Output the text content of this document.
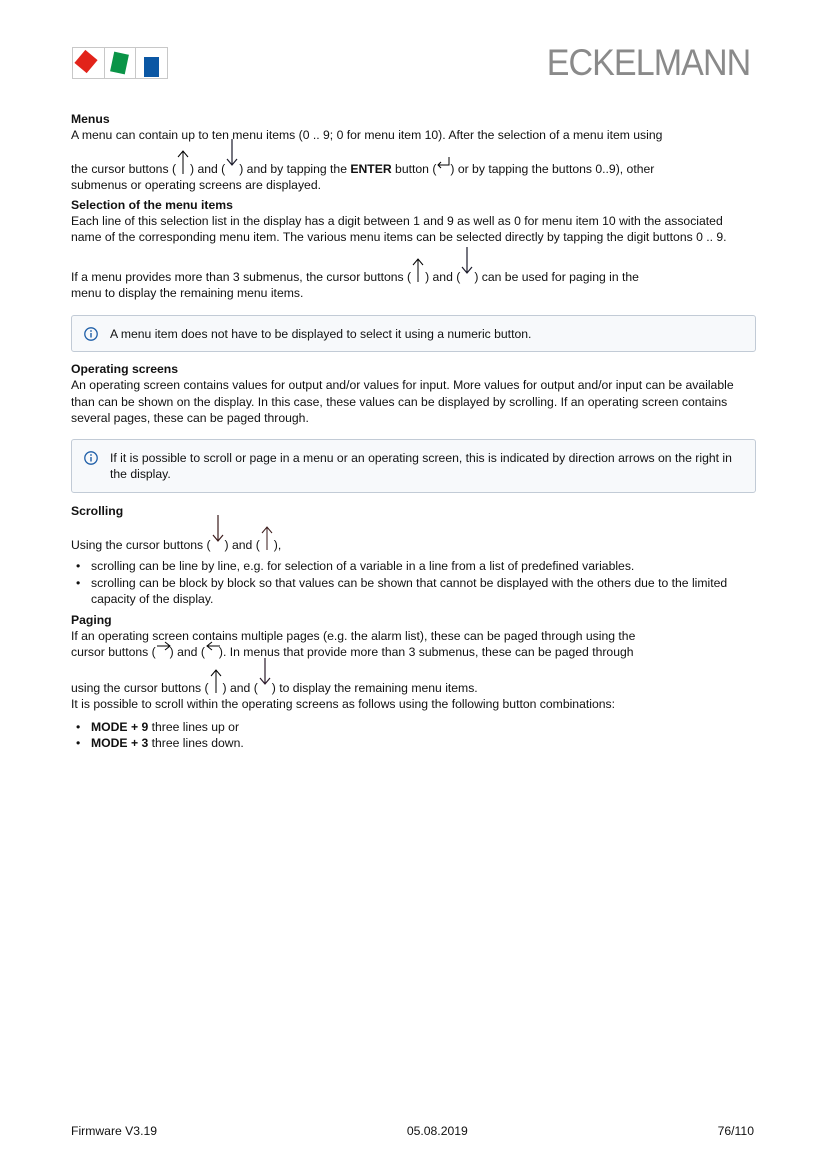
ECKELMANN
Menus

A menu can contain up to ten menu items (0 .. 9; 0 for menu item 10). After the selection of a menu item using

the cursor buttons ( ) and ( ) and by tapping the ENTER button ( ) or by tapping the buttons 0..9), other

submenus or operating screens are displayed.

Selection of the menu items

Each line of this selection list in the display has a digit between 1 and 9 as well as 0 for menu item 10 with the associated name of the corresponding menu item. The various menu items can be selected directly by tapping the digit buttons 0 .. 9.

If a menu provides more than 3 submenus, the cursor buttons ( ) and ( ) can be used for paging in the

menu to display the remaining menu items.

A menu item does not have to be displayed to select it using a numeric button.
Operating screens

An operating screen contains values for output and/or values for input. More values for output and/or input can be available than can be shown on the display. In this case, these values can be displayed by scrolling. If an operating screen contains several pages, these can be paged through.

If it is possible to scroll or page in a menu or an operating screen, this is indicated by direction arrows on the right in the display.
Scrolling

Using the cursor buttons ( ) and ( ),

• scrolling can be line by line, e.g. for selection of a variable in a line from a list of predefined variables.
• scrolling can be block by block so that values can be shown that cannot be displayed with the others due to the limited capacity of the display.
Paging

If an operating screen contains multiple pages (e.g. the alarm list), these can be paged through using the

cursor buttons ( ) and ( ). In menus that provide more than 3 submenus, these can be paged through

using the cursor buttons ( ) and ( ) to display the remaining menu items.

It is possible to scroll within the operating screens as follows using the following button combinations:

• MODE + 9 three lines up or
• MODE + 3 three lines down.
Firmware V3.19	05.08.2019	76/110
